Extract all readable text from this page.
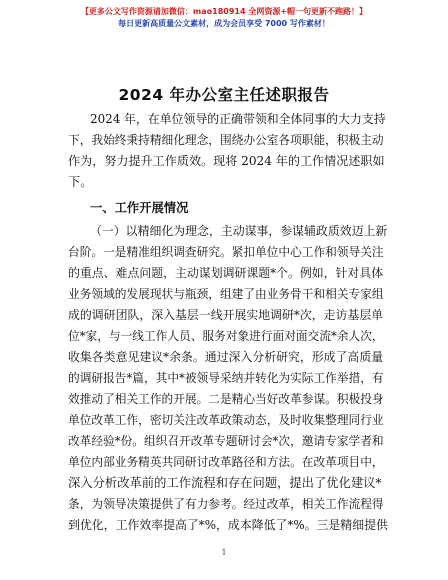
【更多公文写作资源请加微信：mao180914 全网资源+帽一句更新不跑路！】
每日更新高质量公文素材，成为会员享受 7000 写作素材！
2024 年办公室主任述职报告
2024 年，在单位领导的正确带领和全体同事的大力支持
下，我始终秉持精细化理念，围绕办公室各项职能，积极主动
作为，努力提升工作质效。现将 2024 年的工作情况述职如
下。
一、工作开展情况
（一）以精细化为理念，主动谋事，参谋辅政质效迈上新
台阶。一是精准组织调查研究。紧扣单位中心工作和领导关注
的重点、难点问题，主动谋划调研课题*个。例如，针对具体
业务领域的发展现状与瓶颈，组建了由业务骨干和相关专家组
成的调研团队，深入基层一线开展实地调研*次，走访基层单
位*家，与一线工作人员、服务对象进行面对面交流*余人次，
收集各类意见建议*余条。通过深入分析研究，形成了高质量
的调研报告*篇，其中*被领导采纳并转化为实际工作举措，有
效推动了相关工作的开展。二是精心当好改革参谋。积极投身
单位改革工作，密切关注改革政策动态，及时收集整理同行业
改革经验*份。组织召开改革专题研讨会*次，邀请专家学者和
单位内部业务精英共同研讨改革路径和方法。在改革项目中，
深入分析改革前的工作流程和存在问题，提出了优化建议*
条，为领导决策提供了有力参考。经过改革，相关工作流程得
到优化，工作效率提高了*%，成本降低了*%。三是精细提供
1
